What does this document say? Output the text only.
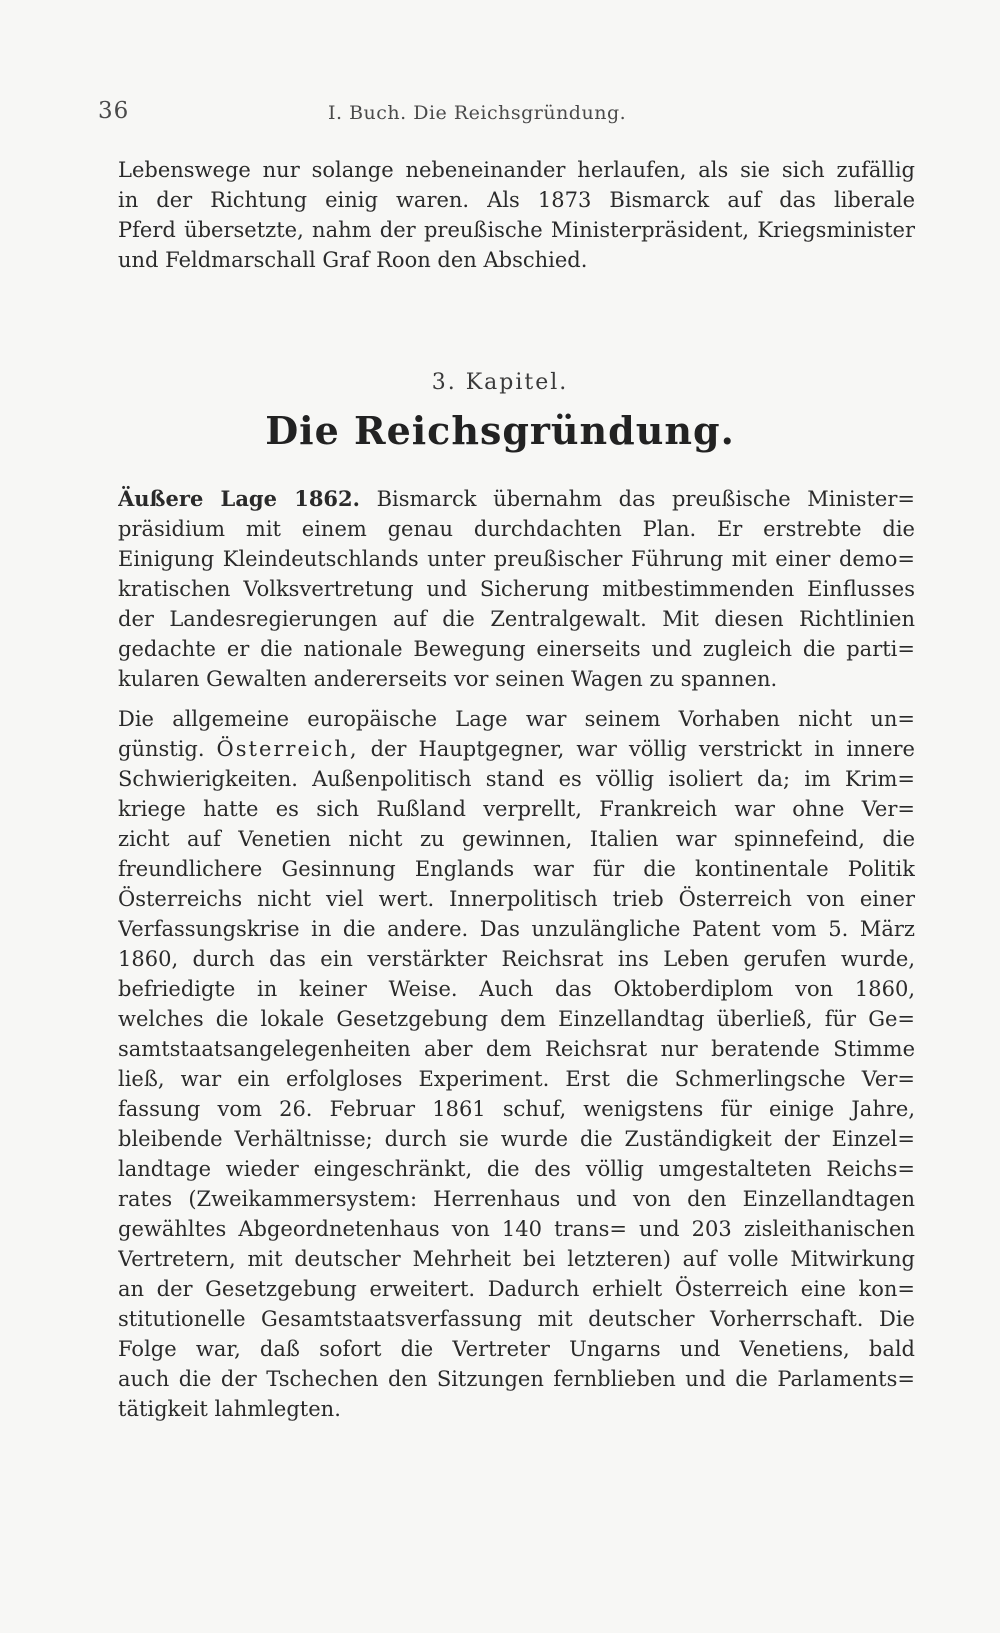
36	I. Buch. Die Reichsgründung.
Lebenswege nur solange nebeneinander herlaufen, als sie sich zufällig
in der Richtung einig waren. Als 1873 Bismarck auf das liberale
Pferd übersetzte, nahm der preußische Ministerpräsident, Kriegsminister
und Feldmarschall Graf Roon den Abschied.
3. Kapitel.
Die Reichsgründung.
Äußere Lage 1862. Bismarck übernahm das preußische Minister=
präsidium mit einem genau durchdachten Plan. Er erstrebte die
Einigung Kleindeutschlands unter preußischer Führung mit einer demo=
kratischen Volksvertretung und Sicherung mitbestimmenden Einflusses
der Landesregierungen auf die Zentralgewalt. Mit diesen Richtlinien
gedachte er die nationale Bewegung einerseits und zugleich die parti=
kularen Gewalten andererseits vor seinen Wagen zu spannen.
Die allgemeine europäische Lage war seinem Vorhaben nicht un=
günstig. Österreich, der Hauptgegner, war völlig verstrickt in innere
Schwierigkeiten. Außenpolitisch stand es völlig isoliert da; im Krim=
kriege hatte es sich Rußland verprellt, Frankreich war ohne Ver=
zicht auf Venetien nicht zu gewinnen, Italien war spinnefeind, die
freundlichere Gesinnung Englands war für die kontinentale Politik
Österreichs nicht viel wert. Innerpolitisch trieb Österreich von einer
Verfassungskrise in die andere. Das unzulängliche Patent vom 5. März
1860, durch das ein verstärkter Reichsrat ins Leben gerufen wurde,
befriedigte in keiner Weise. Auch das Oktoberdiplom von 1860,
welches die lokale Gesetzgebung dem Einzellandtag überließ, für Ge=
samtstaatsangelegenheiten aber dem Reichsrat nur beratende Stimme
ließ, war ein erfolgloses Experiment. Erst die Schmerlingsche Ver=
fassung vom 26. Februar 1861 schuf, wenigstens für einige Jahre,
bleibende Verhältnisse; durch sie wurde die Zuständigkeit der Einzel=
landtage wieder eingeschränkt, die des völlig umgestalteten Reichs=
rates (Zweikammersystem: Herrenhaus und von den Einzellandtagen
gewähltes Abgeordnetenhaus von 140 trans= und 203 zisleithanischen
Vertretern, mit deutscher Mehrheit bei letzteren) auf volle Mitwirkung
an der Gesetzgebung erweitert. Dadurch erhielt Österreich eine kon=
stitutionelle Gesamtstaatsverfassung mit deutscher Vorherrschaft. Die
Folge war, daß sofort die Vertreter Ungarns und Venetiens, bald
auch die der Tschechen den Sitzungen fernblieben und die Parlaments=
tätigkeit lahmlegten.
